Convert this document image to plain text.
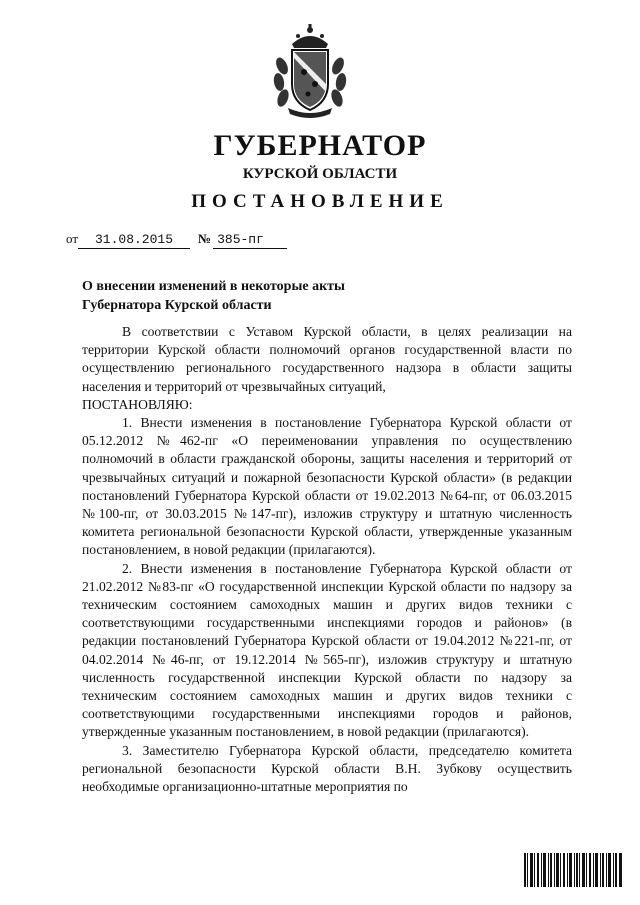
ГУБЕРНАТОР
КУРСКОЙ ОБЛАСТИ
ПОСТАНОВЛЕНИЕ
от 31.08.2015 № 385-пг
О внесении изменений в некоторые акты
Губернатора Курской области

В соответствии с Уставом Курской области, в целях реализации на территории Курской области полномочий органов государственной власти по осуществлению регионального государственного надзора в области защиты населения и территорий от чрезвычайных ситуаций,

ПОСТАНОВЛЯЮ:

1. Внести изменения в постановление Губернатора Курской области от 05.12.2012 №462-пг «О переименовании управления по осуществлению полномочий в области гражданской обороны, защиты населения и территорий от чрезвычайных ситуаций и пожарной безопасности Курской области» (в редакции постановлений Губернатора Курской области от 19.02.2013 №64-пг, от 06.03.2015 №100-пг, от 30.03.2015 №147-пг), изложив структуру и штатную численность комитета региональной безопасности Курской области, утвержденные указанным постановлением, в новой редакции (прилагаются).

2. Внести изменения в постановление Губернатора Курской области от 21.02.2012 №83-пг «О государственной инспекции Курской области по надзору за техническим состоянием самоходных машин и других видов техники с соответствующими государственными инспекциями городов и районов» (в редакции постановлений Губернатора Курской области от 19.04.2012 №221-пг, от 04.02.2014 №46-пг, от 19.12.2014 №565-пг), изложив структуру и штатную численность государственной инспекции Курской области по надзору за техническим состоянием самоходных машин и других видов техники с соответствующими государственными инспекциями городов и районов, утвержденные указанным постановлением, в новой редакции (прилагаются).

3. Заместителю Губернатора Курской области, председателю комитета региональной безопасности Курской области В.Н. Зубкову осуществить необходимые организационно-штатные мероприятия по
